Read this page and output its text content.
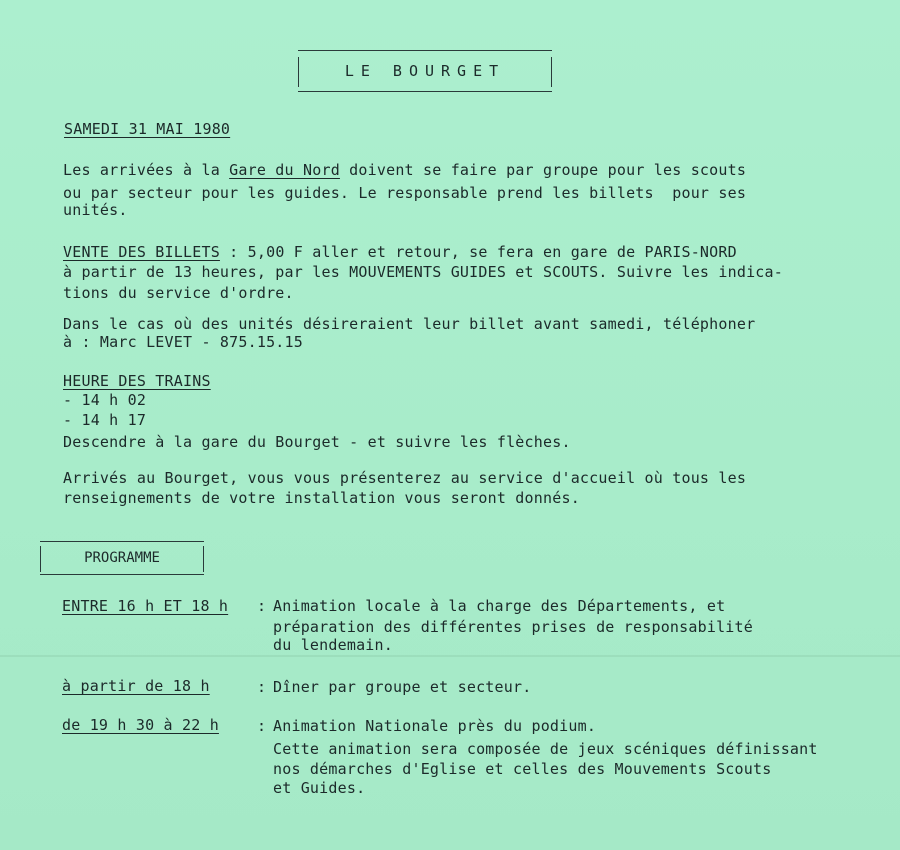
LE BOURGET
SAMEDI 31 MAI 1980
Les arrivées à la Gare du Nord doivent se faire par groupe pour les scouts
ou par secteur pour les guides. Le responsable prend les billets  pour ses
unités.
VENTE DES BILLETS : 5,00 F aller et retour, se fera en gare de PARIS-NORD
à partir de 13 heures, par les MOUVEMENTS GUIDES et SCOUTS. Suivre les indica-
tions du service d'ordre.
Dans le cas où des unités désireraient leur billet avant samedi, téléphoner
à : Marc LEVET - 875.15.15
HEURE DES TRAINS
- 14 h 02
- 14 h 17
Descendre à la gare du Bourget - et suivre les flèches.
Arrivés au Bourget, vous vous présenterez au service d'accueil où tous les
renseignements de votre installation vous seront donnés.
PROGRAMME
ENTRE 16 h ET 18 h : Animation locale à la charge des Départements, et
préparation des différentes prises de responsabilité
du lendemain.
à partir de 18 h	: Dîner par groupe et secteur.
de 19 h 30 à 22 h	: Animation Nationale près du podium.
Cette animation sera composée de jeux scéniques définissant
nos démarches d'Eglise et celles des Mouvements Scouts
et Guides.
